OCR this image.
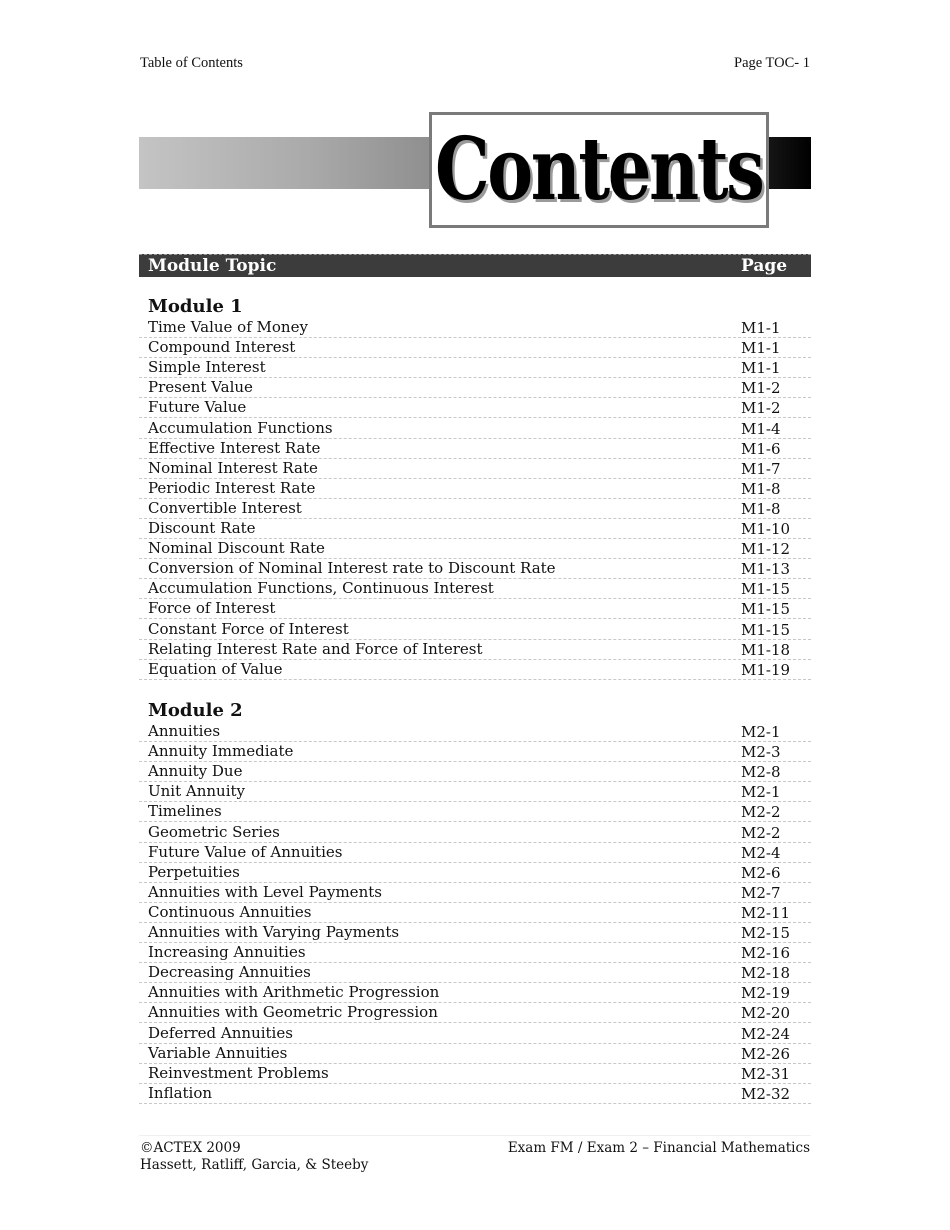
Table of Contents	Page TOC- 1
Contents
Module Topic	Page
Module 1
Time Value of Money	M1-1
Compound Interest	M1-1
Simple Interest	M1-1
Present Value	M1-2
Future Value	M1-2
Accumulation Functions	M1-4
Effective Interest Rate	M1-6
Nominal Interest Rate	M1-7
Periodic Interest Rate	M1-8
Convertible Interest	M1-8
Discount Rate	M1-10
Nominal Discount Rate	M1-12
Conversion of Nominal Interest rate to Discount Rate	M1-13
Accumulation Functions, Continuous Interest	M1-15
Force of Interest	M1-15
Constant Force of Interest	M1-15
Relating Interest Rate and Force of Interest	M1-18
Equation of Value	M1-19
Module 2
Annuities	M2-1
Annuity Immediate	M2-3
Annuity Due	M2-8
Unit Annuity	M2-1
Timelines	M2-2
Geometric Series	M2-2
Future Value of Annuities	M2-4
Perpetuities	M2-6
Annuities with Level Payments	M2-7
Continuous Annuities	M2-11
Annuities with Varying Payments	M2-15
Increasing Annuities	M2-16
Decreasing Annuities	M2-18
Annuities with Arithmetic Progression	M2-19
Annuities with Geometric Progression	M2-20
Deferred Annuities	M2-24
Variable Annuities	M2-26
Reinvestment Problems	M2-31
Inflation	M2-32
©ACTEX 2009
Hassett, Ratliff, Garcia, & Steeby
Exam FM / Exam 2 – Financial Mathematics
